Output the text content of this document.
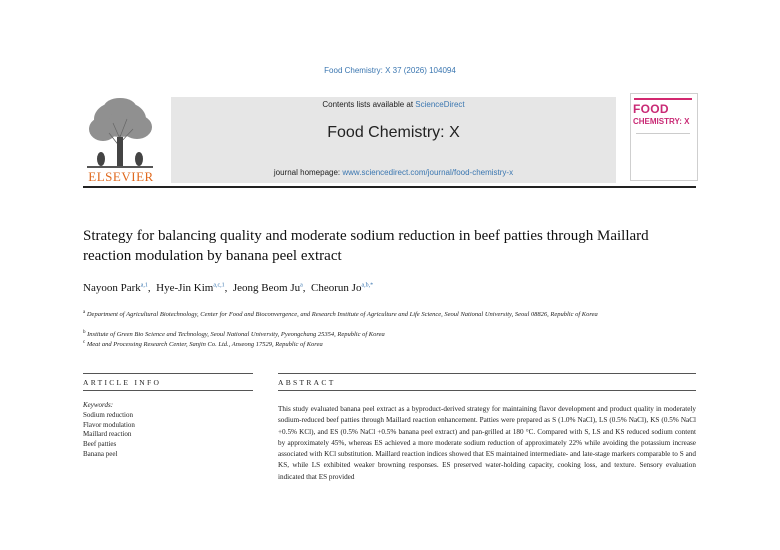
Food Chemistry: X 37 (2026) 104094
ELSEVIER
Contents lists available at ScienceDirect
Food Chemistry: X
journal homepage: www.sciencedirect.com/journal/food-chemistry-x
FOOD
CHEMISTRY: X
Strategy for balancing quality and moderate sodium reduction in beef patties through Maillard reaction modulation by banana peel extract
Nayoon Park$^{a,1}$,  Hye-Jin Kim$^{a,c,1}$,  Jeong Beom Ju$^a$,  Cheorun $Jo^{a,b,*}$
$^a$ Department of Agricultural Biotechnology, Center for Food and Bioconvergence, and Research Institute of Agriculture and Life Science, Seoul National University, Seoul 08826, Republic of Korea
$^b$ Institute of Green Bio Science and Technology, Seoul National University, Pyeongchang 25354, Republic of Korea
$^c$ Meat and Processing Research Center, Sanjin Co. Ltd., Anseong 17529, Republic of Korea
ARTICLE INFO	ABSTRACT
Keywords:
Sodium reduction
Flavor modulation
Maillard reaction
Beef patties
Banana peel
This study evaluated banana peel extract as a byproduct-derived strategy for maintaining flavor development and product quality in moderately sodium-reduced beef patties through Maillard reaction enhancement. Patties were prepared as S (1.0% NaCl), LS (0.5% NaCl), KS (0.5% NaCl +0.5% KCl), and ES (0.5% NaCl +0.5% banana peel extract) and pan-grilled at 180 °C. Compared with S, LS and KS reduced sodium content by approximately 45%, whereas ES achieved a more moderate sodium reduction of approximately 22% while avoiding the potassium increase associated with KCl substitution. Maillard reaction indices showed that ES maintained intermediate- and late-stage markers comparable to S and KS, while LS exhibited weaker browning responses. ES preserved water-holding capacity, cooking loss, and texture. Sensory evaluation indicated that ES provided
